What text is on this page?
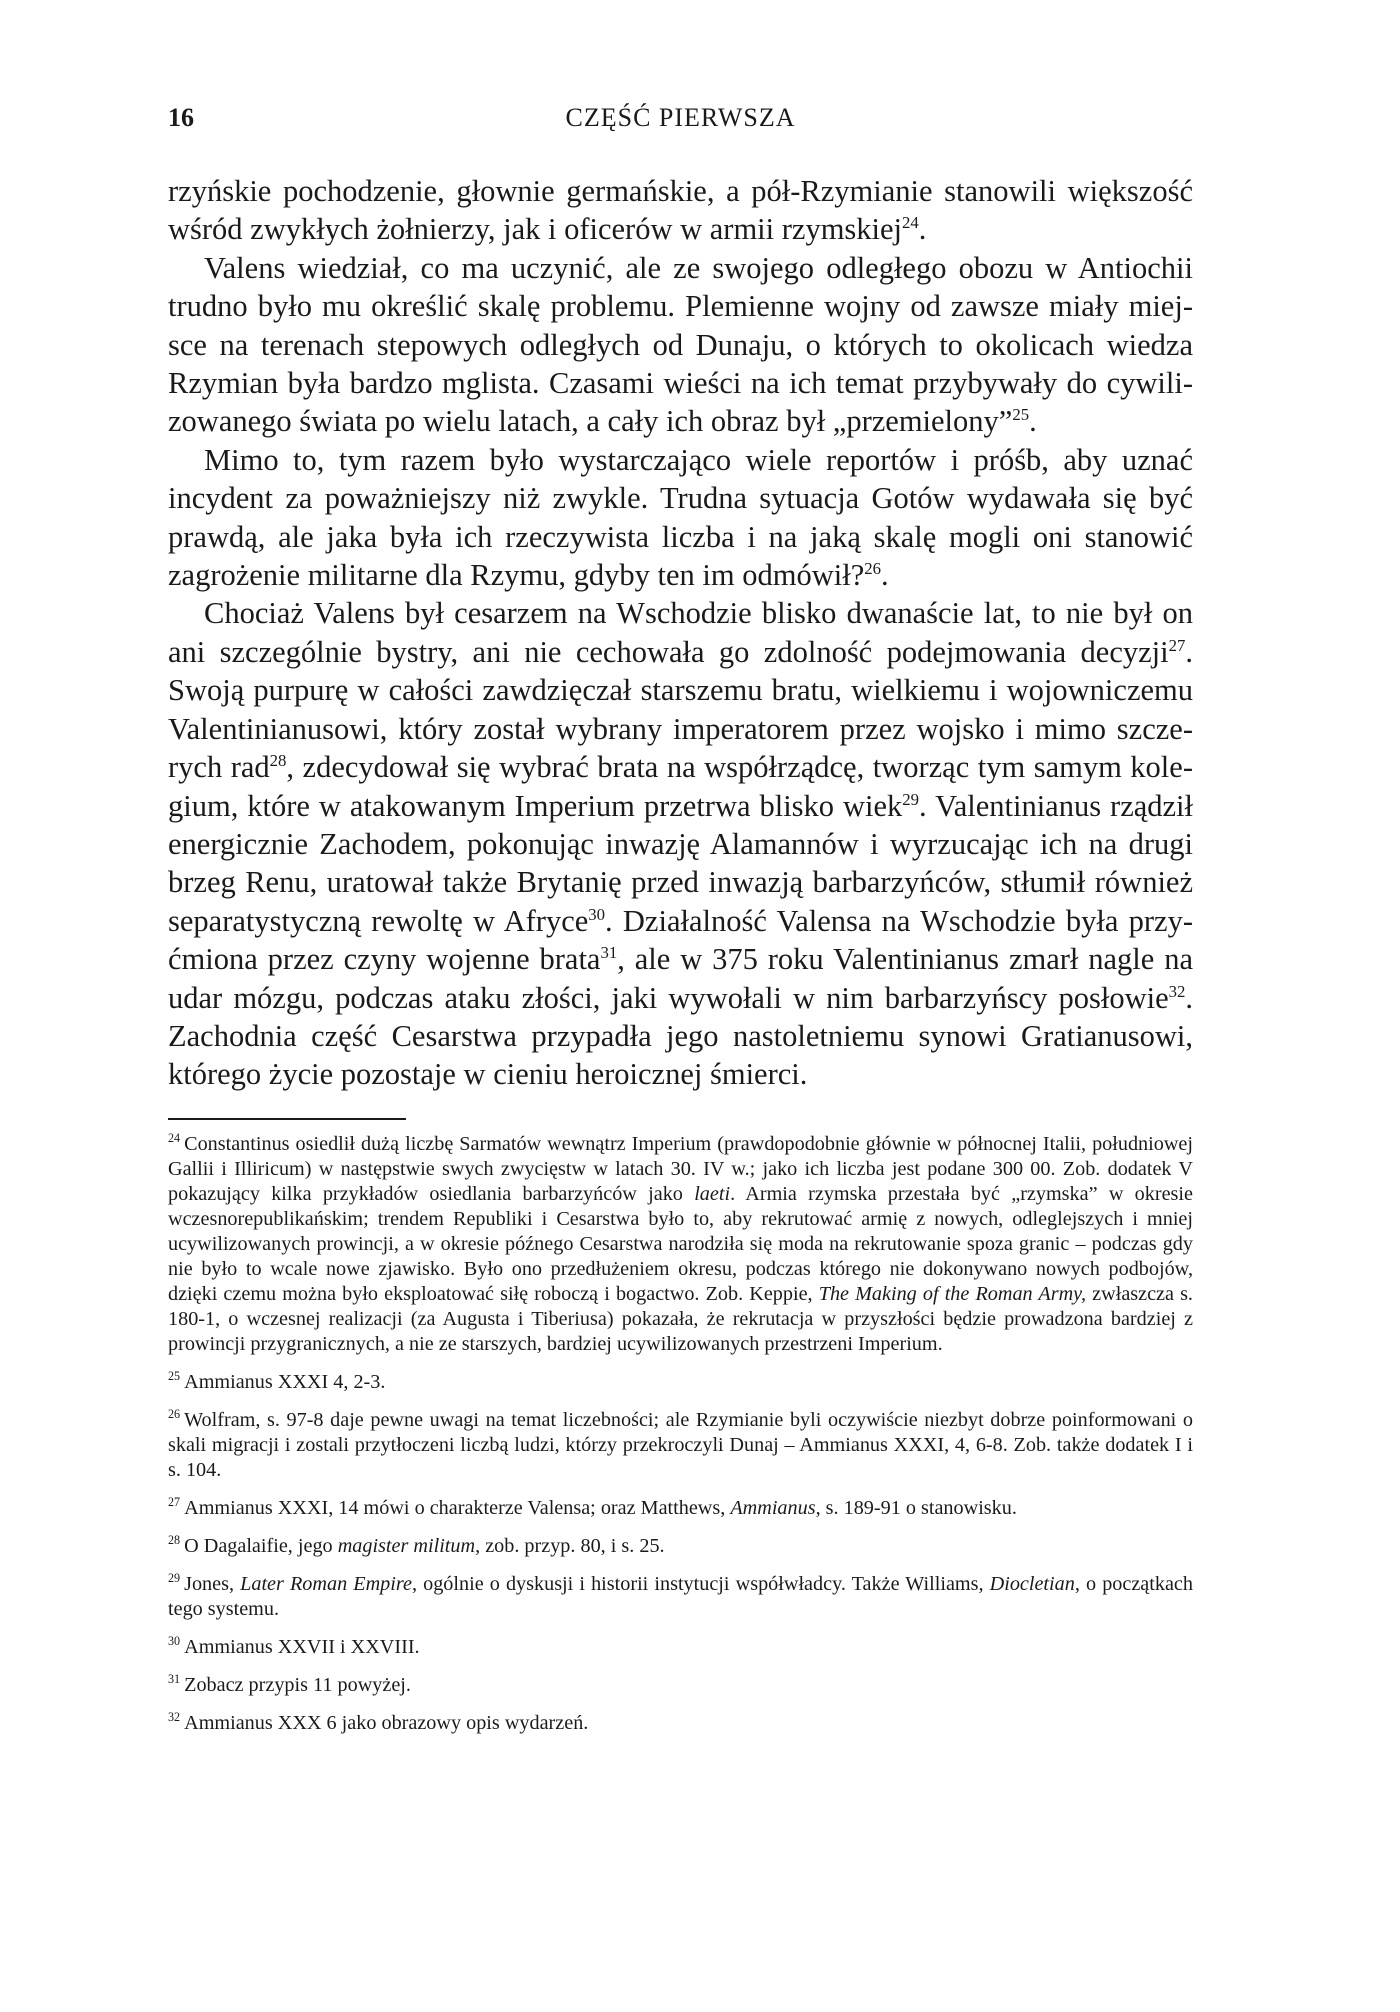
16	CZĘŚĆ PIERWSZA

rzyńskie pochodzenie, głownie germańskie, a pół-Rzymianie stanowili większość wśród zwykłych żołnierzy, jak i oficerów w armii rzymskiej$^{24}$.

Valens wiedział, co ma uczynić, ale ze swojego odległego obozu w Antiochii trudno było mu określić skalę problemu. Plemienne wojny od zawsze miały miejsce na terenach stepowych odległych od Dunaju, o których to okolicach wiedza Rzymian była bardzo mglista. Czasami wieści na ich temat przybywały do cywilizowanego świata po wielu latach, a cały ich obraz był „przemielony”$^{25}$.

Mimo to, tym razem było wystarczająco wiele reportów i próśb, aby uznać incydent za poważniejszy niż zwykle. Trudna sytuacja Gotów wydawała się być prawdą, ale jaka była ich rzeczywista liczba i na jaką skalę mogli oni stanowić zagrożenie militarne dla Rzymu, gdyby ten im odmówił?$^{26}$.

Chociaż Valens był cesarzem na Wschodzie blisko dwanaście lat, to nie był on ani szczególnie bystry, ani nie cechowała go zdolność podejmowania decyzji$^{27}$. Swoją purpurę w całości zawdzięczał starszemu bratu, wielkiemu i wojowniczemu Valentinianusowi, który został wybrany imperatorem przez wojsko i mimo szczerych rad$^{28}$, zdecydował się wybrać brata na współrządcę, tworząc tym samym kolegium, które w atakowanym Imperium przetrwa blisko wiek$^{29}$. Valentinianus rządził energicznie Zachodem, pokonując inwazję Alamannów i wyrzucając ich na drugi brzeg Renu, uratował także Brytanię przed inwazją barbarzyńców, stłumił również separatystyczną rewoltę w Afryce$^{30}$. Działalność Valensa na Wschodzie była przyćmiona przez czyny wojenne brata$^{31}$, ale w 375 roku Valentinianus zmarł nagle na udar mózgu, podczas ataku złości, jaki wywołali w nim barbarzyńscy posłowie$^{32}$. Zachodnia część Cesarstwa przypadła jego nastoletniemu synowi Gratianusowi, którego życie pozostaje w cieniu heroicznej śmierci.

$^{24}$ Constantinus osiedlił dużą liczbę Sarmatów wewnątrz Imperium (prawdopodobnie głównie w północnej Italii, południowej Gallii i Illiricum) w następstwie swych zwycięstw w latach 30. IV w.; jako ich liczba jest podane 300 00. Zob. dodatek V pokazujący kilka przykładów osiedlania barbarzyńców jako laeti. Armia rzymska przestała być „rzymska” w okresie wczesnorepublikańskim; trendem Republiki i Cesarstwa było to, aby rekrutować armię z nowych, odleglejszych i mniej ucywilizowanych prowincji, a w okresie późnego Cesarstwa narodziła się moda na rekrutowanie spoza granic – podczas gdy nie było to wcale nowe zjawisko. Było ono przedłużeniem okresu, podczas którego nie dokonywano nowych podbojów, dzięki czemu można było eksploatować siłę roboczą i bogactwo. Zob. Keppie, The Making of the Roman Army, zwłaszcza s. 180-1, o wczesnej realizacji (za Augusta i Tiberiusa) pokazała, że rekrutacja w przyszłości będzie prowadzona bardziej z prowincji przygranicznych, a nie ze starszych, bardziej ucywilizowanych przestrzeni Imperium.

$^{25}$ Ammianus XXXI 4, 2-3.

$^{26}$ Wolfram, s. 97-8 daje pewne uwagi na temat liczebności; ale Rzymianie byli oczywiście niezbyt dobrze poinformowani o skali migracji i zostali przytłoczeni liczbą ludzi, którzy przekroczyli Dunaj – Ammianus XXXI, 4, 6-8. Zob. także dodatek I i s. 104.

$^{27}$ Ammianus XXXI, 14 mówi o charakterze Valensa; oraz Matthews, Ammianus, s. 189-91 o stanowisku.

$^{28}$ O Dagalaifie, jego magister militum, zob. przyp. 80, i s. 25.

$^{29}$ Jones, Later Roman Empire, ogólnie o dyskusji i historii instytucji współwładcy. Także Williams, Diocletian, o początkach tego systemu.

$^{30}$ Ammianus XXVII i XXVIII.

$^{31}$ Zobacz przypis 11 powyżej.

$^{32}$ Ammianus XXX 6 jako obrazowy opis wydarzeń.
